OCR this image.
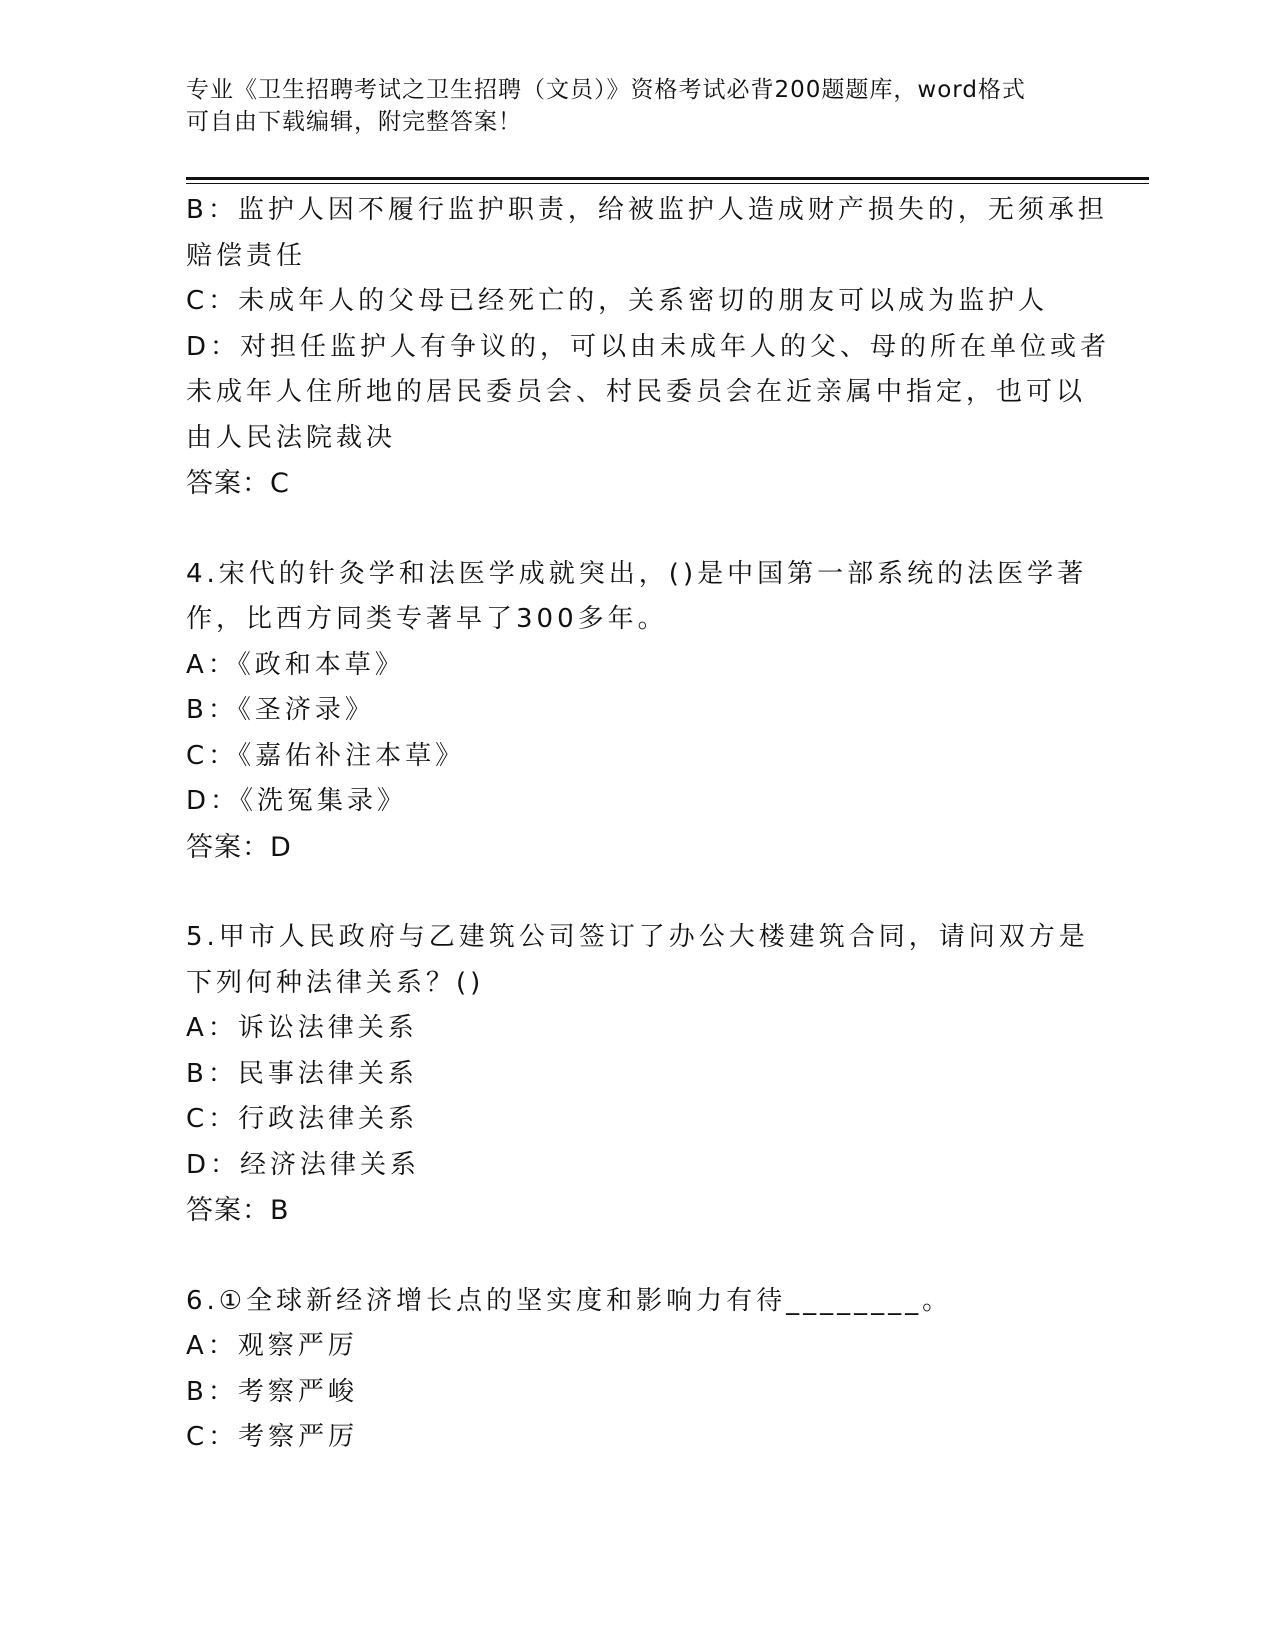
专业《卫生招聘考试之卫生招聘（文员）》资格考试必背200题题库，word格式
可自由下载编辑，附完整答案！
B：监护人因不履行监护职责，给被监护人造成财产损失的，无须承担
赔偿责任
C：未成年人的父母已经死亡的，关系密切的朋友可以成为监护人
D：对担任监护人有争议的，可以由未成年人的父、母的所在单位或者
未成年人住所地的居民委员会、村民委员会在近亲属中指定，也可以
由人民法院裁决
答案：C
4.宋代的针灸学和法医学成就突出，()是中国第一部系统的法医学著
作，比西方同类专著早了300多年。
A：《政和本草》
B：《圣济录》
C：《嘉佑补注本草》
D：《洗冤集录》
答案：D
5.甲市人民政府与乙建筑公司签订了办公大楼建筑合同，请问双方是
下列何种法律关系？()
A：诉讼法律关系
B：民事法律关系
C：行政法律关系
D：经济法律关系
答案：B
6.①全球新经济增长点的坚实度和影响力有待________。
A：观察严厉
B：考察严峻
C：考察严厉
